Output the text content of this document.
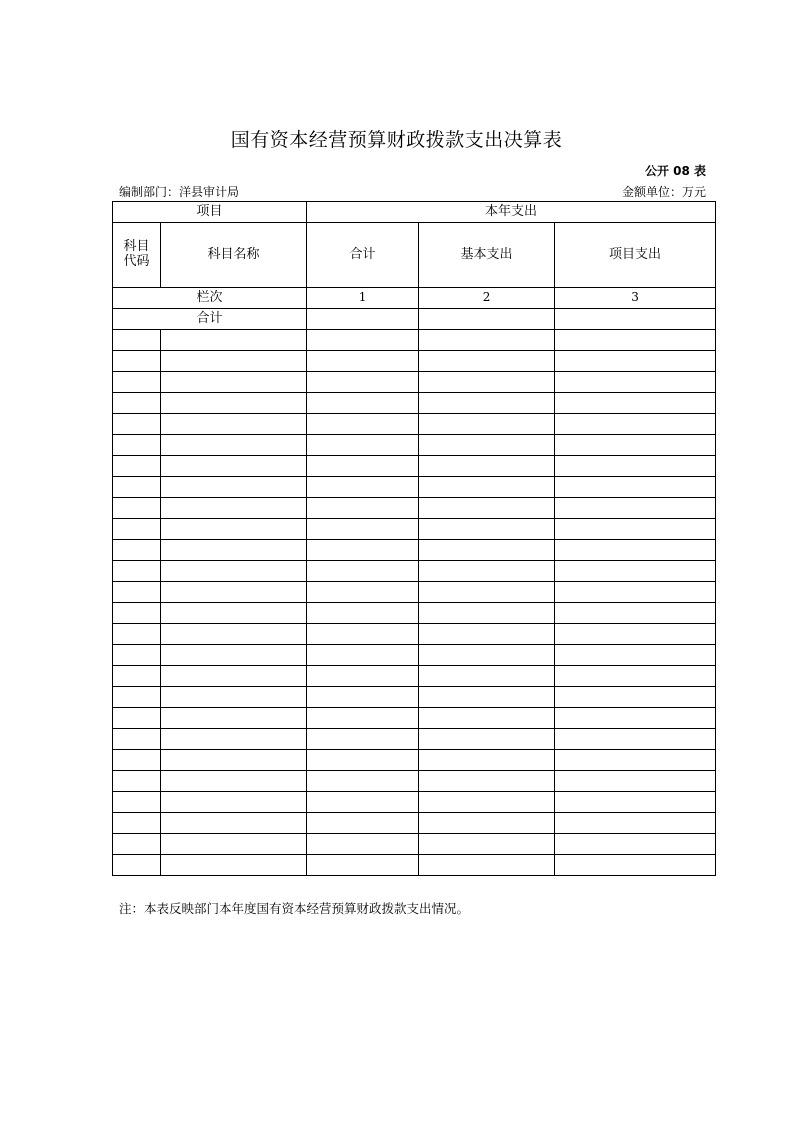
国有资本经营预算财政拨款支出决算表
公开 08 表
编制部门：洋县审计局	金额单位：万元
项目		本年支出		
科目代码	科目名称	合计	基本支出	项目支出
栏次		1	2	3
合计				

注：本表反映部门本年度国有资本经营预算财政拨款支出情况。
